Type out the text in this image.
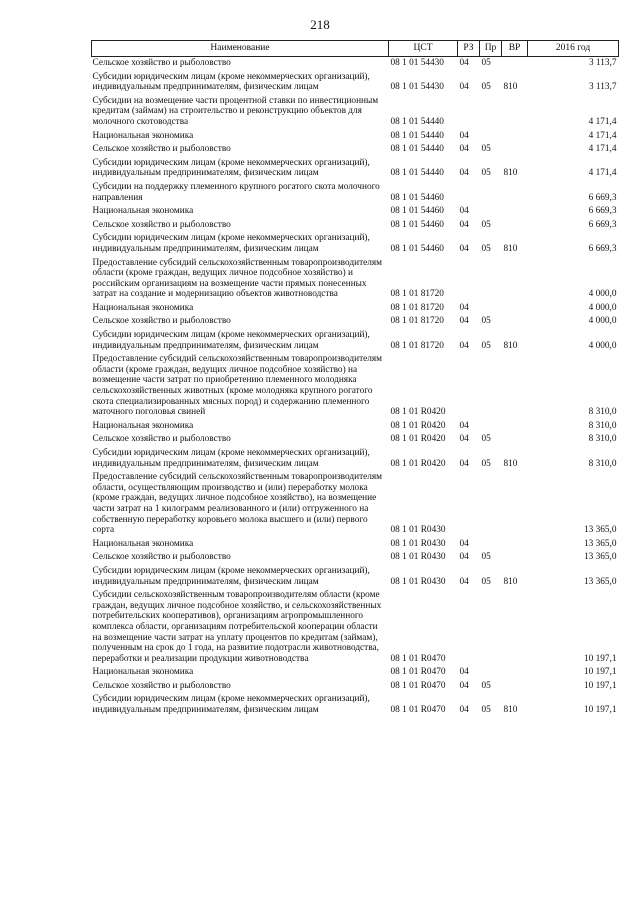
218
Наименование	ЦСТ	РЗ	Пр	ВР	2016 год
Сельское хозяйство и рыболовство	08 1 01 54430	04	05		3 113,7
Субсидии юридическим лицам (кроме некоммерческих организаций), индивидуальным предпринимателям, физическим лицам	08 1 01 54430	04	05	810	3 113,7
Субсидии на возмещение части процентной ставки по инвестиционным кредитам (займам) на строительство и реконструкцию объектов для молочного скотоводства	08 1 01 54440				4 171,4
Национальная экономика	08 1 01 54440	04			4 171,4
Сельское хозяйство и рыболовство	08 1 01 54440	04	05		4 171,4
Субсидии юридическим лицам (кроме некоммерческих организаций), индивидуальным предпринимателям, физическим лицам	08 1 01 54440	04	05	810	4 171,4
Субсидии на поддержку племенного крупного рогатого скота молочного направления	08 1 01 54460				6 669,3
Национальная экономика	08 1 01 54460	04			6 669,3
Сельское хозяйство и рыболовство	08 1 01 54460	04	05		6 669,3
Субсидии юридическим лицам (кроме некоммерческих организаций), индивидуальным предпринимателям, физическим лицам	08 1 01 54460	04	05	810	6 669,3
Предоставление субсидий сельскохозяйственным товаропроизводителям области (кроме граждан, ведущих личное подсобное хозяйство) и российским организациям на возмещение части прямых понесенных затрат на создание и модернизацию объектов животноводства	08 1 01 81720				4 000,0
Национальная экономика	08 1 01 81720	04			4 000,0
Сельское хозяйство и рыболовство	08 1 01 81720	04	05		4 000,0
Субсидии юридическим лицам (кроме некоммерческих организаций), индивидуальным предпринимателям, физическим лицам	08 1 01 81720	04	05	810	4 000,0
Предоставление субсидий сельскохозяйственным товаропроизводителям области (кроме граждан, ведущих личное подсобное хозяйство) на возмещение части затрат по приобретению племенного молодняка сельскохозяйственных животных (кроме молодняка крупного рогатого скота специализированных мясных пород) и содержанию племенного маточного поголовья свиней	08 1 01 R0420				8 310,0
Национальная экономика	08 1 01 R0420	04			8 310,0
Сельское хозяйство и рыболовство	08 1 01 R0420	04	05		8 310,0
Субсидии юридическим лицам (кроме некоммерческих организаций), индивидуальным предпринимателям, физическим лицам	08 1 01 R0420	04	05	810	8 310,0
Предоставление субсидий сельскохозяйственным товаропроизводителям области, осуществляющим производство и (или) переработку молока (кроме граждан, ведущих личное подсобное хозяйство), на возмещение части затрат на 1 килограмм реализованного и (или) отгруженного на собственную переработку коровьего молока высшего и (или) первого сорта	08 1 01 R0430				13 365,0
Национальная экономика	08 1 01 R0430	04			13 365,0
Сельское хозяйство и рыболовство	08 1 01 R0430	04	05		13 365,0
Субсидии юридическим лицам (кроме некоммерческих организаций), индивидуальным предпринимателям, физическим лицам	08 1 01 R0430	04	05	810	13 365,0
Субсидии сельскохозяйственным товаропроизводителям области (кроме граждан, ведущих личное подсобное хозяйство, и сельскохозяйственных потребительских кооперативов), организациям агропромышленного комплекса области, организациям потребительской кооперации области на возмещение части затрат на уплату процентов по кредитам (займам), полученным на срок до 1 года, на развитие подотрасли животноводства, переработки и реализации продукции животноводства	08 1 01 R0470				10 197,1
Национальная экономика	08 1 01 R0470	04			10 197,1
Сельское хозяйство и рыболовство	08 1 01 R0470	04	05		10 197,1
Субсидии юридическим лицам (кроме некоммерческих организаций), индивидуальным предпринимателям, физическим лицам	08 1 01 R0470	04	05	810	10 197,1
